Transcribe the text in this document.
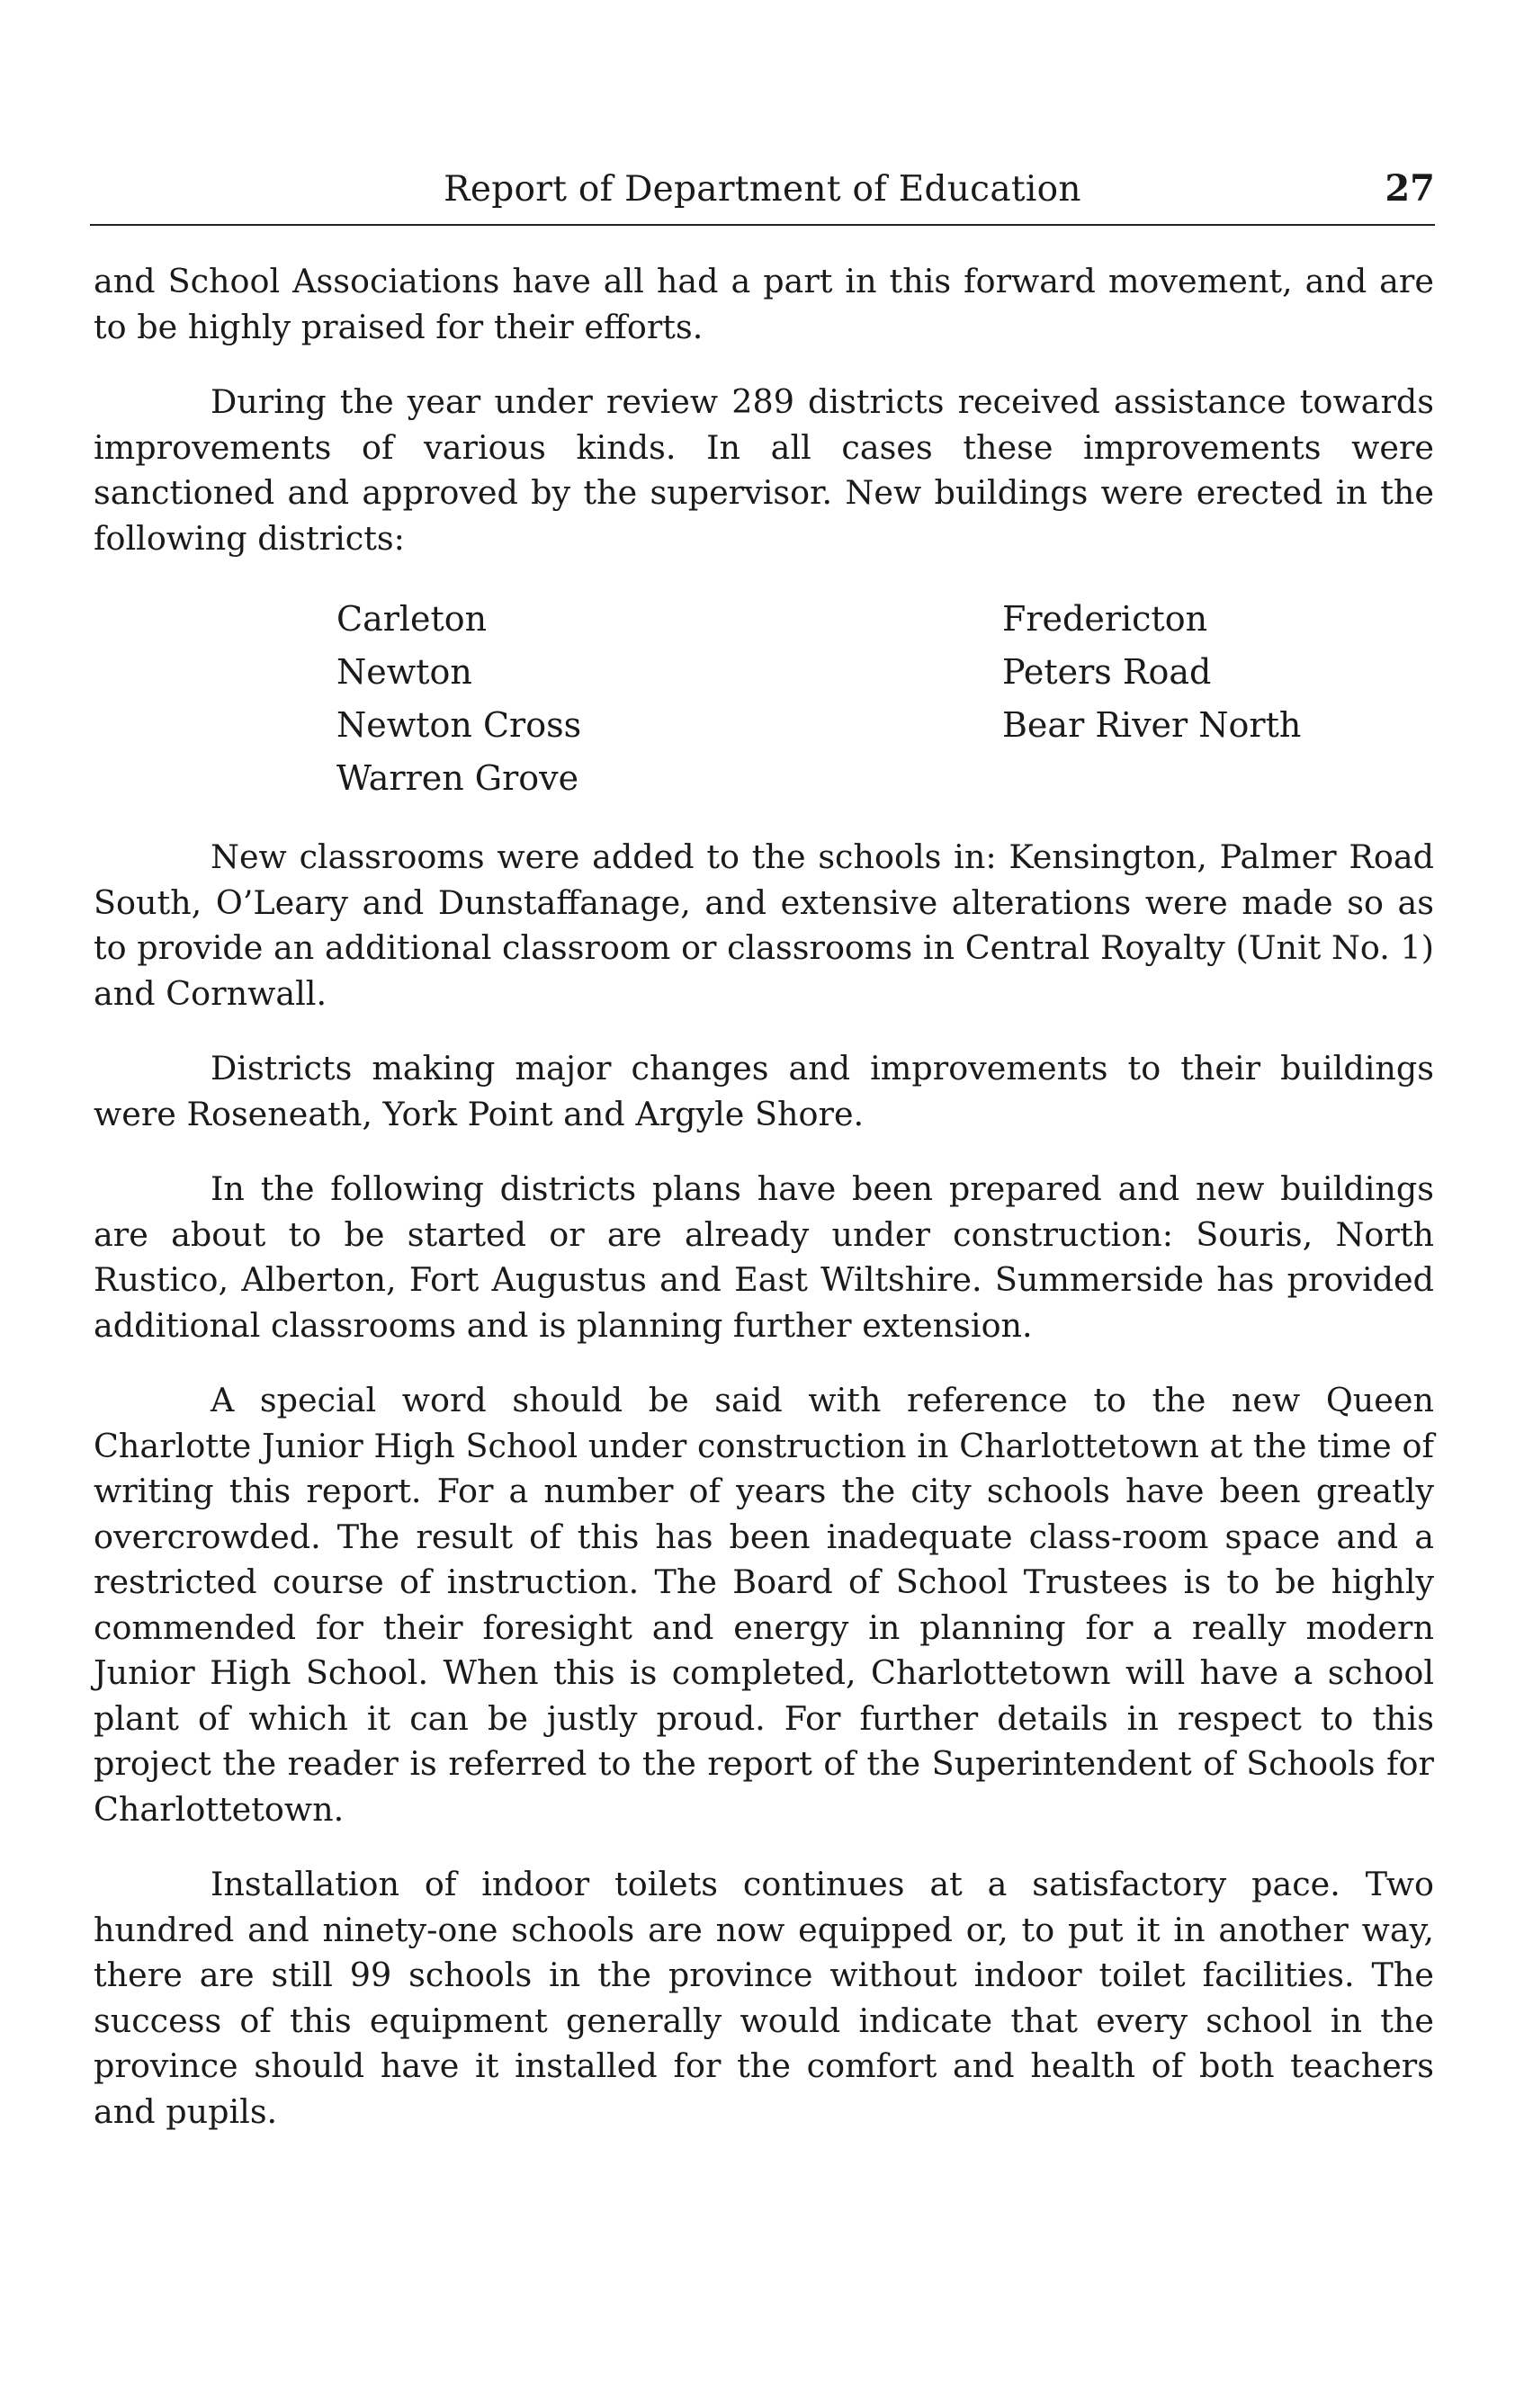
Report of Department of Education	27

and School Associations have all had a part in this forward movement, and are to be highly praised for their efforts.

During the year under review 289 districts received assistance towards improvements of various kinds. In all cases these improvements were sanctioned and approved by the supervisor. New buildings were erected in the following districts:

Carleton
Newton
Newton Cross
Warren Grove
Fredericton
Peters Road
Bear River North

New classrooms were added to the schools in: Kensington, Palmer Road South, O’Leary and Dunstaffanage, and extensive alterations were made so as to provide an additional classroom or classrooms in Central Royalty (Unit No. 1) and Cornwall.

Districts making major changes and improvements to their buildings were Roseneath, York Point and Argyle Shore.

In the following districts plans have been prepared and new buildings are about to be started or are already under construction: Souris, North Rustico, Alberton, Fort Augustus and East Wiltshire. Summerside has provided additional classrooms and is planning further extension.

A special word should be said with reference to the new Queen Charlotte Junior High School under construction in Charlottetown at the time of writing this report. For a number of years the city schools have been greatly overcrowded. The result of this has been inadequate class-room space and a restricted course of instruction. The Board of School Trustees is to be highly commended for their foresight and energy in planning for a really modern Junior High School. When this is completed, Charlottetown will have a school plant of which it can be justly proud. For further details in respect to this project the reader is referred to the report of the Superintendent of Schools for Charlottetown.

Installation of indoor toilets continues at a satisfactory pace. Two hundred and ninety-one schools are now equipped or, to put it in another way, there are still 99 schools in the province without indoor toilet facilities. The success of this equipment generally would indicate that every school in the province should have it installed for the comfort and health of both teachers and pupils.
